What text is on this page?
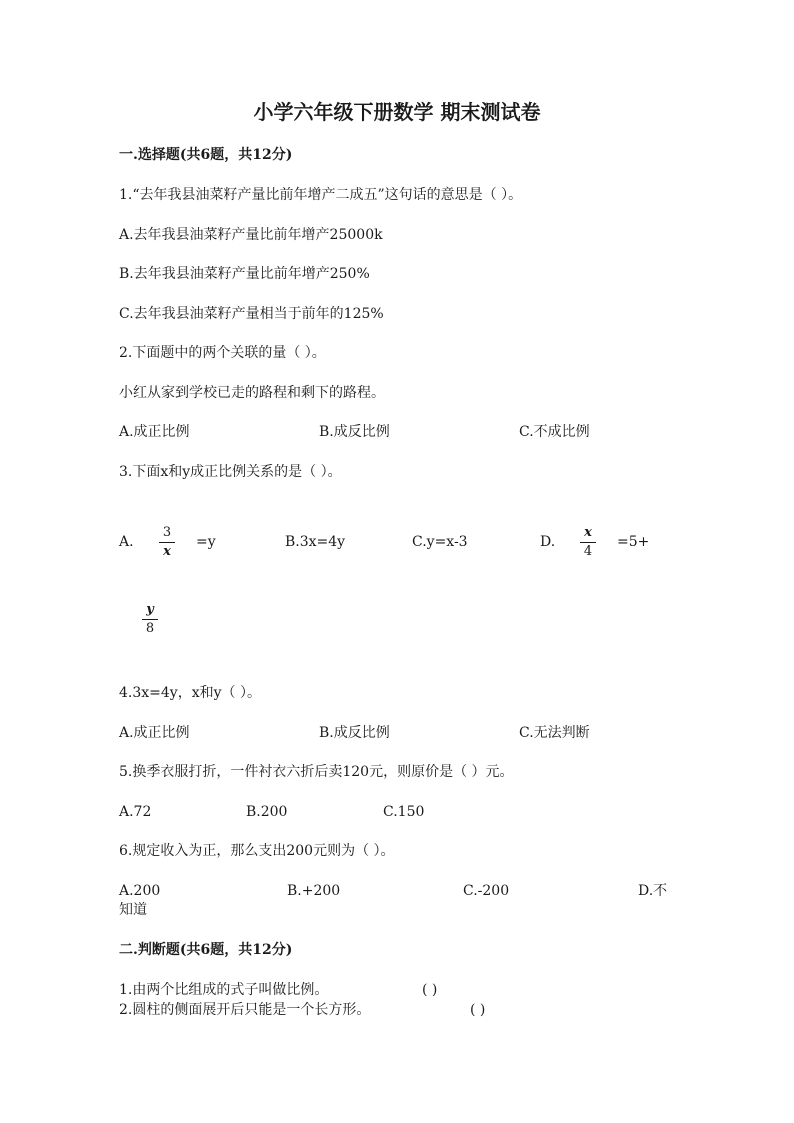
小学六年级下册数学 期末测试卷
一.选择题(共6题，共12分)
1.“去年我县油菜籽产量比前年增产二成五”这句话的意思是（ ）。
A.去年我县油菜籽产量比前年增产25000k
B.去年我县油菜籽产量比前年增产250%
C.去年我县油菜籽产量相当于前年的125%
2.下面题中的两个关联的量（ ）。
小红从家到学校已走的路程和剩下的路程。
A.成正比例	B.成反比例	C.不成比例
3.下面x和y成正比例关系的是（ ）。
A. $\frac{3}{x} =y$	B.3x=4y	C.y=x-3	D. $\frac{x}{4} =5+$
$\frac{y}{8}$
4.3x=4y，x和y（ ）。
A.成正比例	B.成反比例	C.无法判断
5.换季衣服打折，一件衬衣六折后卖120元，则原价是（ ）元。
A.72	B.200	C.150
6.规定收入为正，那么支出200元则为（ ）。
A.200	B.+200	C.-200	D.不
知道
二.判断题(共6题，共12分)
1.由两个比组成的式子叫做比例。	( )
2.圆柱的侧面展开后只能是一个长方形。	( )
